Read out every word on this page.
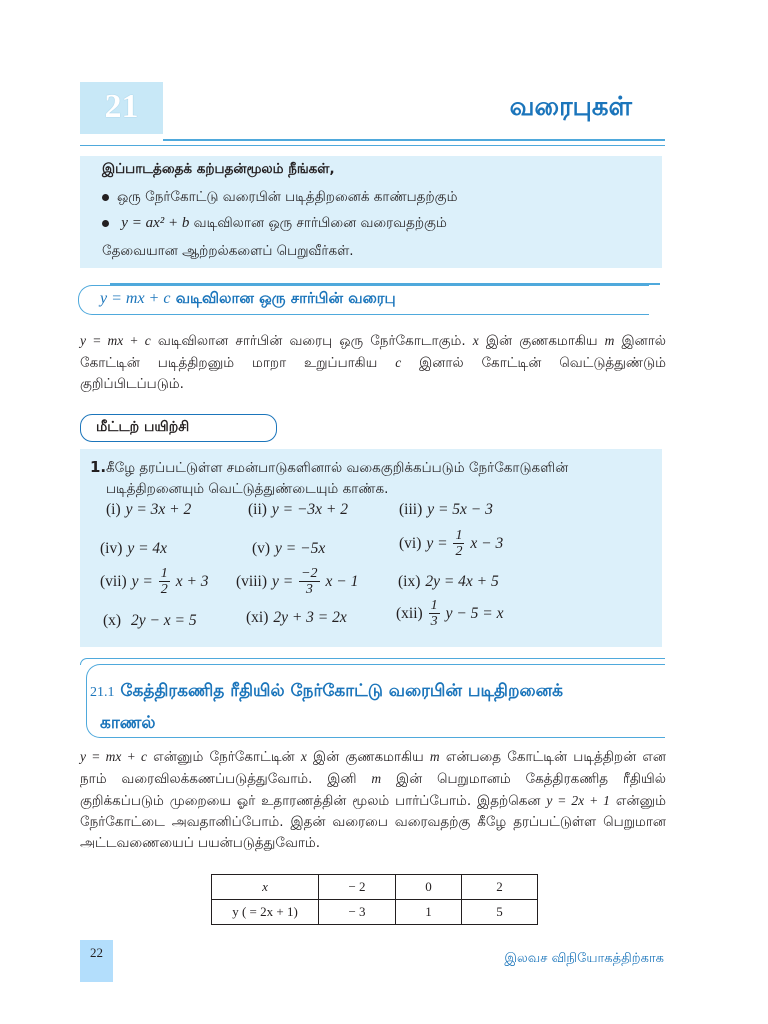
21	வரைபுகள்
இப்பாடத்தைக் கற்பதன்மூலம் நீங்கள்,
ஒரு நேர்கோட்டு வரைபின் படித்திறனைக் காண்பதற்கும்
y = ax² + b வடிவிலான ஒரு சார்பினை வரைவதற்கும்
தேவையான ஆற்றல்களைப் பெறுவீர்கள்.
y = mx + c வடிவிலான ஒரு சார்பின் வரைபு
y = mx + c வடிவிலான சார்பின் வரைபு ஒரு நேர்கோடாகும். x இன் குணகமாகிய m இனால் கோட்டின் படித்திறனும் மாறா உறுப்பாகிய c இனால் கோட்டின் வெட்டுத்துண்டும் குறிப்பிடப்படும்.
மீட்டற் பயிற்சி
1. கீழே தரப்பட்டுள்ள சமன்பாடுகளினால் வகைகுறிக்கப்படும் நேர்கோடுகளின் படித்திறனையும் வெட்டுத்துண்டையும் காண்க.
(i) y = 3x + 2	(ii) y = −3x + 2	(iii) y = 5x − 3
(iv) y = 4x	(v) y = −5x	(vi) $y = \frac{1}{2}$ x − 3
(vii) $y = \frac{1}{2}$ x + 3 (viii) $y = \frac{-2}{3}$ x − 1	(ix) 2y = 4x + 5
(x) 2y − x = 5	(xi) 2y + 3 = 2x	$(xii) \frac{1}{3}$ y − 5 = x
21.1 கேத்திரகணித ரீதியில் நேர்கோட்டு வரைபின் படிதிறனைக்
காணல்
y = mx + c என்னும் நேர்கோட்டின் x இன் குணகமாகிய m என்பதை கோட்டின் படித்திறன் என நாம் வரைவிலக்கணப்படுத்துவோம். இனி m இன் பெறுமானம் கேத்திரகணித ரீதியில் குறிக்கப்படும் முறையை ஓர் உதாரணத்தின் மூலம் பார்ப்போம். இதற்கென y = 2x + 1 என்னும் நேர்கோட்டை அவதானிப்போம். இதன் வரைபை வரைவதற்கு கீழே தரப்பட்டுள்ள பெறுமான அட்டவணையைப் பயன்படுத்துவோம்.
x	− 2	0	2
y ( = 2x + 1)	− 3	1	5
22	இலவச விநியோகத்திற்காக
